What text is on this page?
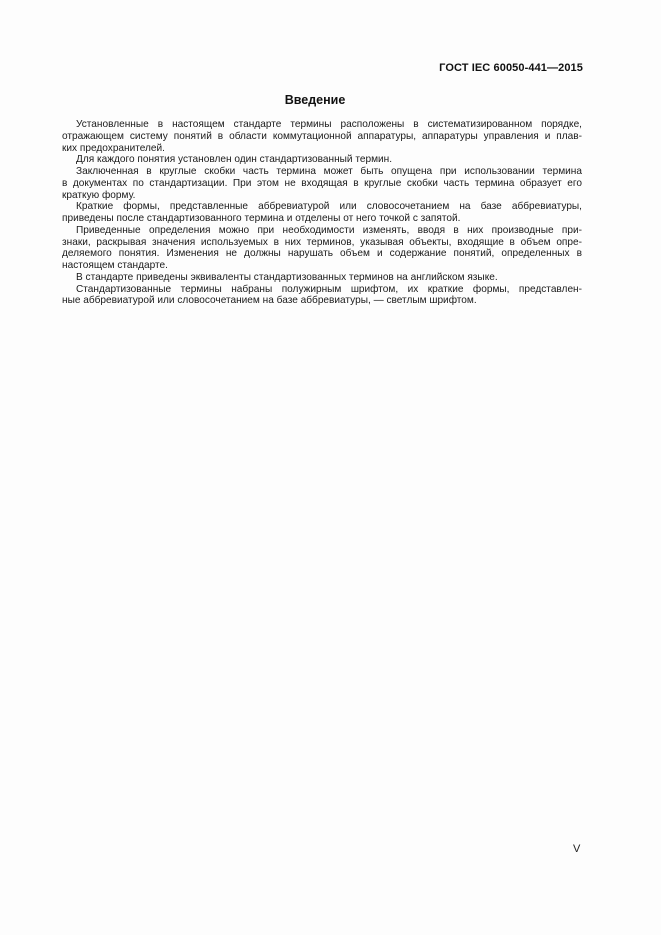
ГОСТ IEC 60050-441—2015
Введение
Установленные в настоящем стандарте термины расположены в систематизированном порядке,
отражающем систему понятий в области коммутационной аппаратуры, аппаратуры управления и плав-
ких предохранителей.
Для каждого понятия установлен один стандартизованный термин.
Заключенная в круглые скобки часть термина может быть опущена при использовании термина
в документах по стандартизации. При этом не входящая в круглые скобки часть термина образует его
краткую форму.
Краткие формы, представленные аббревиатурой или словосочетанием на базе аббревиатуры,
приведены после стандартизованного термина и отделены от него точкой с запятой.
Приведенные определения можно при необходимости изменять, вводя в них производные при-
знаки, раскрывая значения используемых в них терминов, указывая объекты, входящие в объем опре-
деляемого понятия. Изменения не должны нарушать объем и содержание понятий, определенных в
настоящем стандарте.
В стандарте приведены эквиваленты стандартизованных терминов на английском языке.
Стандартизованные термины набраны полужирным шрифтом, их краткие формы, представлен-
ные аббревиатурой или словосочетанием на базе аббревиатуры, — светлым шрифтом.
V
